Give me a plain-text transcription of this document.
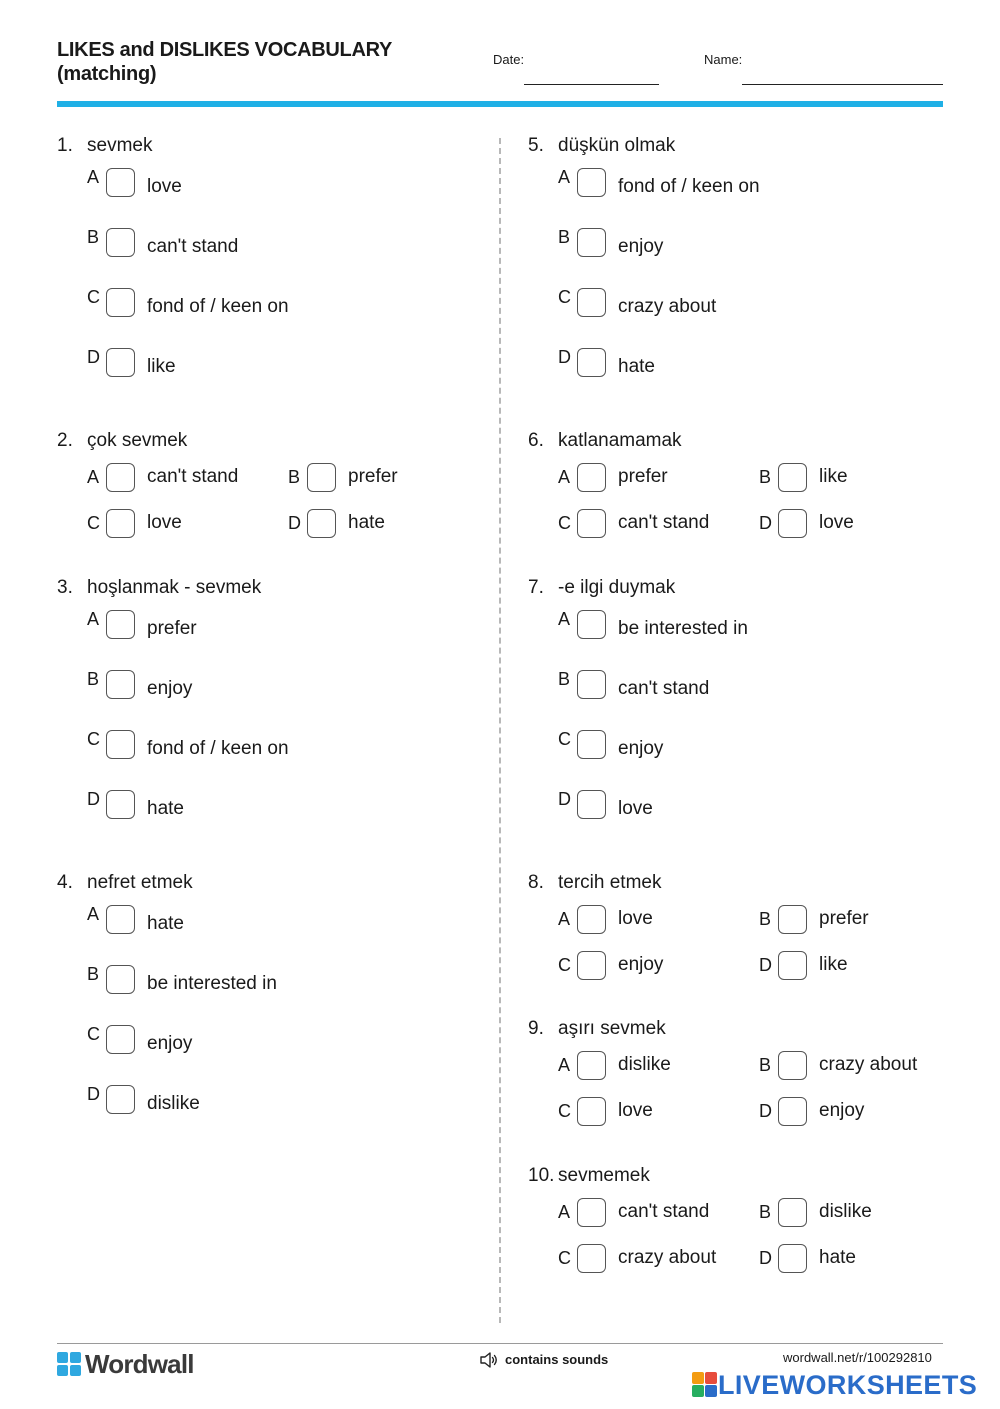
LIKES and DISLIKES VOCABULARY
(matching)
Date:	Name:
1. sevmek
A	love
B	can't stand
C fond of / keen on
D like
2. çok sevmek
A	can't stand	B	prefer
C love	D hate
3. hoşlanmak - sevmek
A	prefer
B	enjoy
C fond of / keen on
D hate
4. nefret etmek
A	hate
B	be interested in
C enjoy
D dislike
5. düşkün olmak
A	fond of / keen on
B	enjoy
C crazy about
D hate
6. katlanamamak
A	prefer	B	like
C can't stand	D love
7. -e ilgi duymak
A	be interested in
B	can't stand
C enjoy
D love
8. tercih etmek
A	love	B	prefer
C enjoy	D like
9. aşırı sevmek
A	dislike	B	crazy about
C love	D enjoy
10. sevmemek
A	can't stand	B	dislike
C crazy about D hate
Wordwall	contains sounds	wordwall.net/r/100292810
LIVEWORKSHEETS
